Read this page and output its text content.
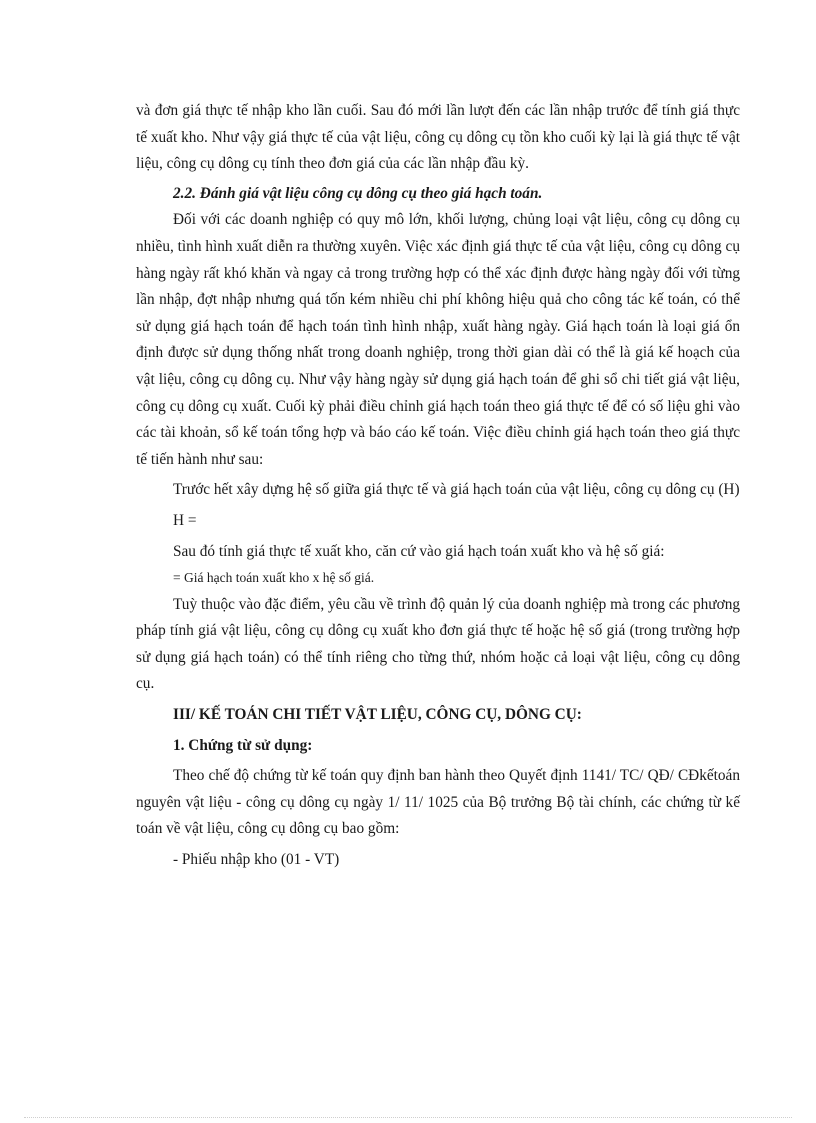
và đơn giá thực tế nhập kho lần cuối. Sau đó mới lần lượt đến các lần nhập trước để tính giá thực tế xuất kho. Như vậy giá thực tế của vật liệu, công cụ dông cụ tồn kho cuối kỳ lại là giá thực tế vật liệu, công cụ dông cụ tính theo đơn giá của các lần nhập đầu kỳ.

2.2. Đánh giá vật liệu công cụ dông cụ theo giá hạch toán.

Đối với các doanh nghiệp có quy mô lớn, khối lượng, chủng loại vật liệu, công cụ dông cụ nhiều, tình hình xuất diễn ra thường xuyên. Việc xác định giá thực tế của vật liệu, công cụ dông cụ hàng ngày rất khó khăn và ngay cả trong trường hợp có thể xác định được hàng ngày đối với từng lần nhập, đợt nhập nhưng quá tốn kém nhiều chi phí không hiệu quả cho công tác kế toán, có thể sử dụng giá hạch toán để hạch toán tình hình nhập, xuất hàng ngày. Giá hạch toán là loại giá ổn định được sử dụng thống nhất trong doanh nghiệp, trong thời gian dài có thể là giá kế hoạch của vật liệu, công cụ dông cụ. Như vậy hàng ngày sử dụng giá hạch toán để ghi sổ chi tiết giá vật liệu, công cụ dông cụ xuất. Cuối kỳ phải điều chỉnh giá hạch toán theo giá thực tế để có số liệu ghi vào các tài khoản, sổ kế toán tổng hợp và báo cáo kế toán. Việc điều chỉnh giá hạch toán theo giá thực tế tiến hành như sau:

Trước hết xây dựng hệ số giữa giá thực tế và giá hạch toán của vật liệu, công cụ dông cụ (H)

H =

Sau đó tính giá thực tế xuất kho, căn cứ vào giá hạch toán xuất kho và hệ số giá:

= Giá hạch toán xuất kho x hệ số giá.

Tuỳ thuộc vào đặc điểm, yêu cầu về trình độ quản lý của doanh nghiệp mà trong các phương pháp tính giá vật liệu, công cụ dông cụ xuất kho đơn giá thực tế hoặc hệ số giá (trong trường hợp sử dụng giá hạch toán) có thể tính riêng cho từng thứ, nhóm hoặc cả loại vật liệu, công cụ dông cụ.

III/ KẾ TOÁN CHI TIẾT VẬT LIỆU, CÔNG CỤ, DÔNG CỤ:

1. Chứng từ sử dụng:

Theo chế độ chứng từ kế toán quy định ban hành theo Quyết định 1141/ TC/ QĐ/ CĐkếtoán nguyên vật liệu - công cụ dông cụ ngày 1/ 11/ 1025 của Bộ trưởng Bộ tài chính, các chứng từ kế toán về vật liệu, công cụ dông cụ bao gồm:

- Phiếu nhập kho (01 - VT)
